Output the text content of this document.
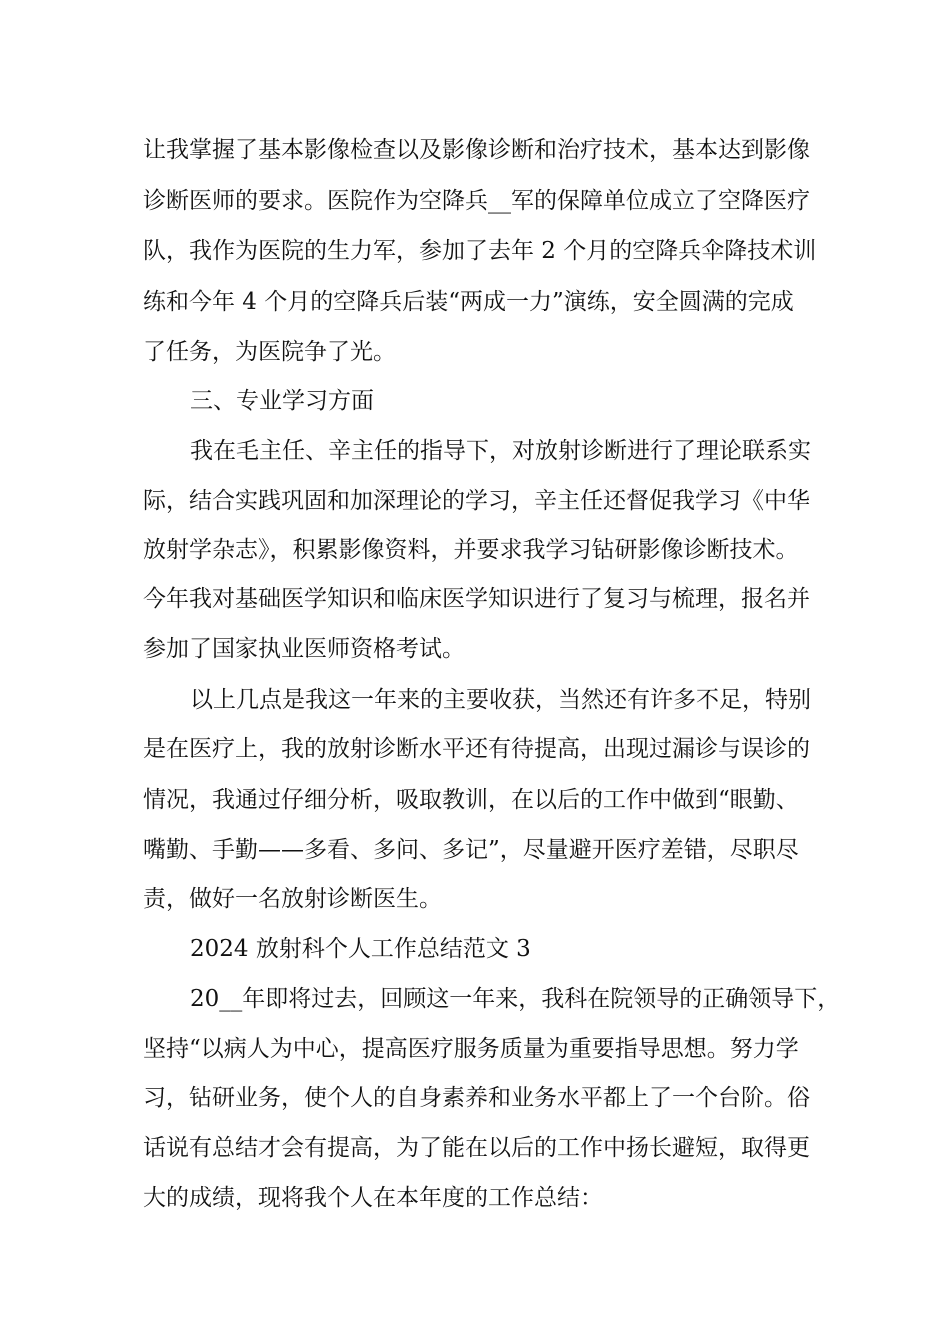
让我掌握了基本影像检查以及影像诊断和治疗技术，基本达到影像

诊断医师的要求。医院作为空降兵__军的保障单位成立了空降医疗

队，我作为医院的生力军，参加了去年 2 个月的空降兵伞降技术训

练和今年 4 个月的空降兵后装“两成一力”演练，安全圆满的完成

了任务，为医院争了光。

三、专业学习方面

我在毛主任、辛主任的指导下，对放射诊断进行了理论联系实

际，结合实践巩固和加深理论的学习，辛主任还督促我学习《中华

放射学杂志》，积累影像资料，并要求我学习钻研影像诊断技术。

今年我对基础医学知识和临床医学知识进行了复习与梳理，报名并

参加了国家执业医师资格考试。

以上几点是我这一年来的主要收获，当然还有许多不足，特别

是在医疗上，我的放射诊断水平还有待提高，出现过漏诊与误诊的

情况，我通过仔细分析，吸取教训，在以后的工作中做到“眼勤、

嘴勤、手勤——多看、多问、多记”，尽量避开医疗差错，尽职尽

责，做好一名放射诊断医生。

2024 放射科个人工作总结范文 3

20__年即将过去，回顾这一年来，我科在院领导的正确领导下，

坚持“以病人为中心，提高医疗服务质量为重要指导思想。努力学

习，钻研业务，使个人的自身素养和业务水平都上了一个台阶。俗

话说有总结才会有提高，为了能在以后的工作中扬长避短，取得更

大的成绩，现将我个人在本年度的工作总结：
